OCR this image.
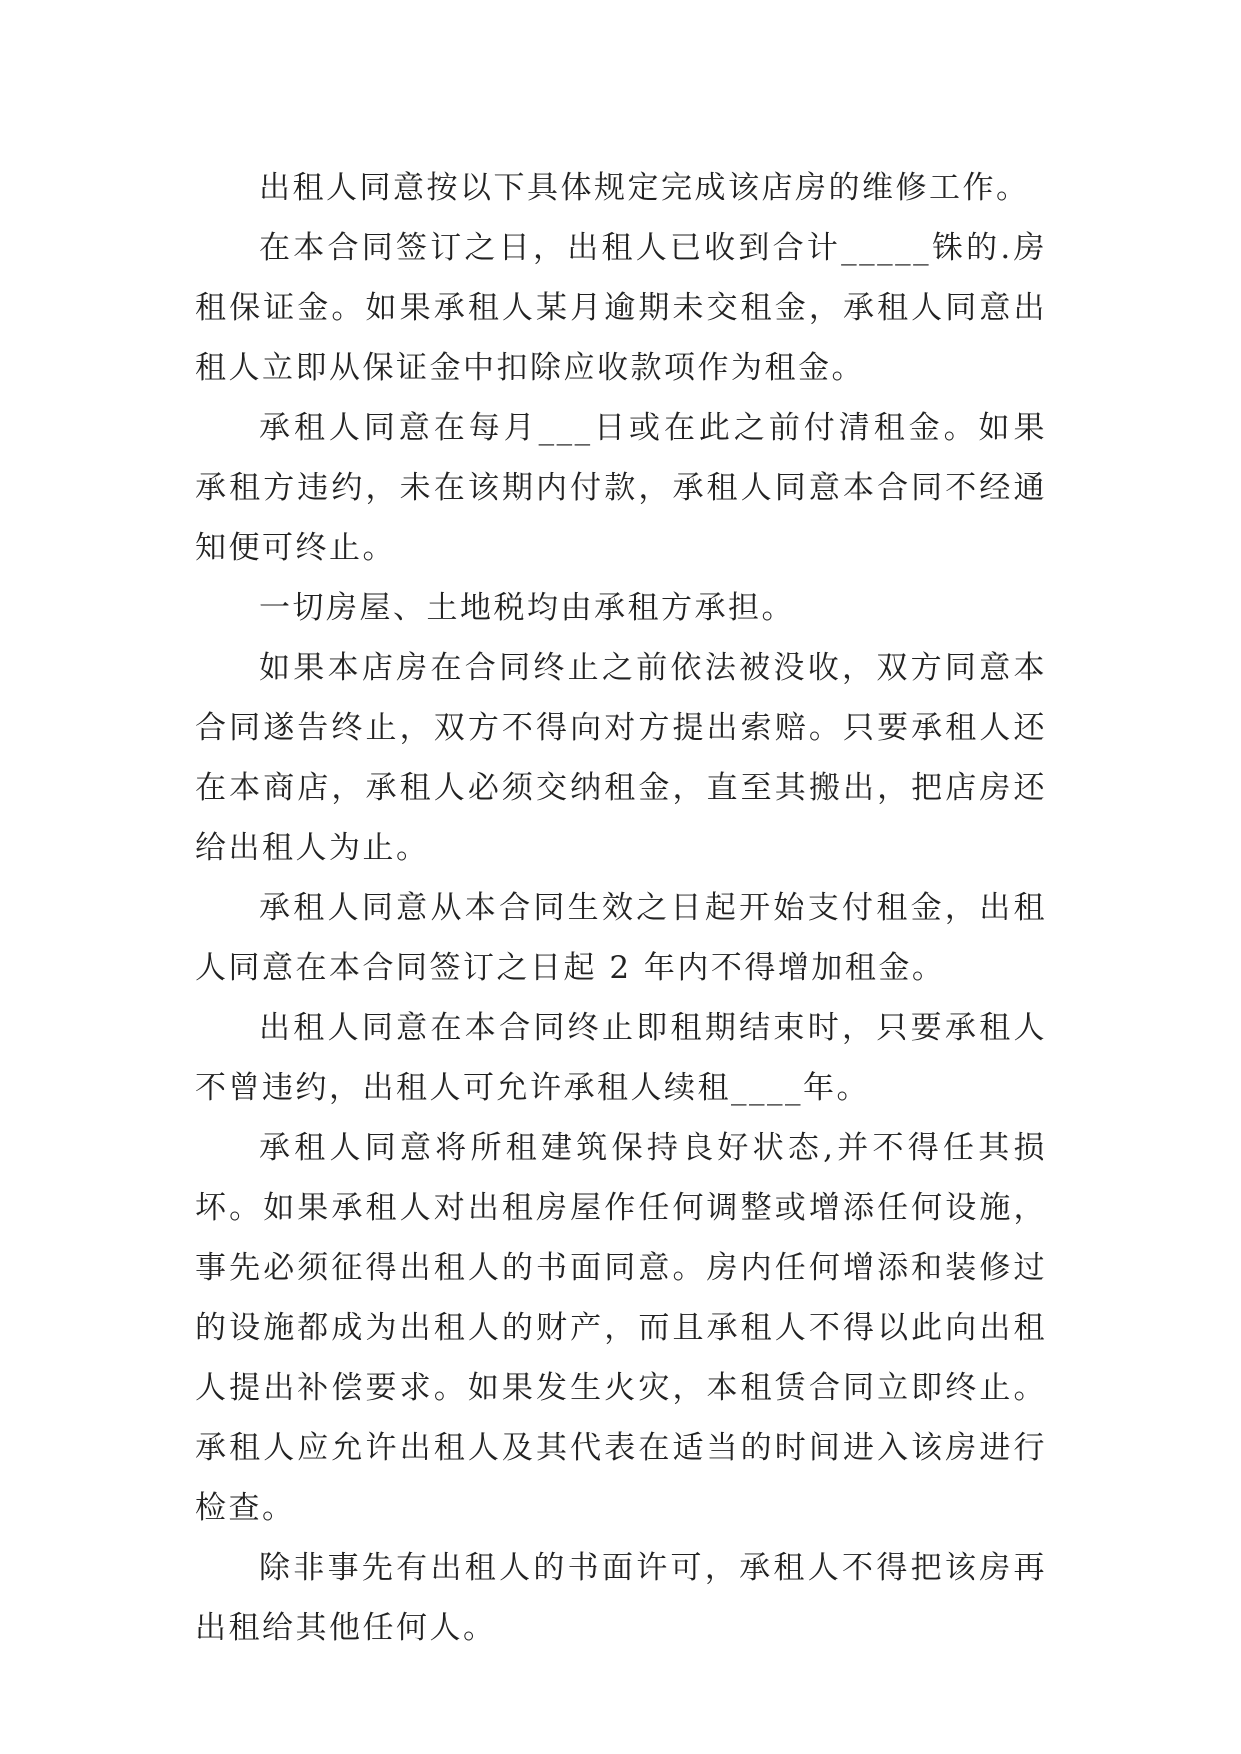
出租人同意按以下具体规定完成该店房的维修工作。

在本合同签订之日，出租人已收到合计_____铢的.房租保证金。如果承租人某月逾期未交租金，承租人同意出租人立即从保证金中扣除应收款项作为租金。

承租人同意在每月___日或在此之前付清租金。如果承租方违约，未在该期内付款，承租人同意本合同不经通知便可终止。

一切房屋、土地税均由承租方承担。

如果本店房在合同终止之前依法被没收，双方同意本合同遂告终止，双方不得向对方提出索赔。只要承租人还在本商店，承租人必须交纳租金，直至其搬出，把店房还给出租人为止。

承租人同意从本合同生效之日起开始支付租金，出租人同意在本合同签订之日起 2 年内不得增加租金。

出租人同意在本合同终止即租期结束时，只要承租人不曾违约，出租人可允许承租人续租____年。

承租人同意将所租建筑保持良好状态,并不得任其损坏。如果承租人对出租房屋作任何调整或增添任何设施，事先必须征得出租人的书面同意。房内任何增添和装修过的设施都成为出租人的财产，而且承租人不得以此向出租人提出补偿要求。如果发生火灾，本租赁合同立即终止。承租人应允许出租人及其代表在适当的时间进入该房进行检查。

除非事先有出租人的书面许可，承租人不得把该房再出租给其他任何人。
